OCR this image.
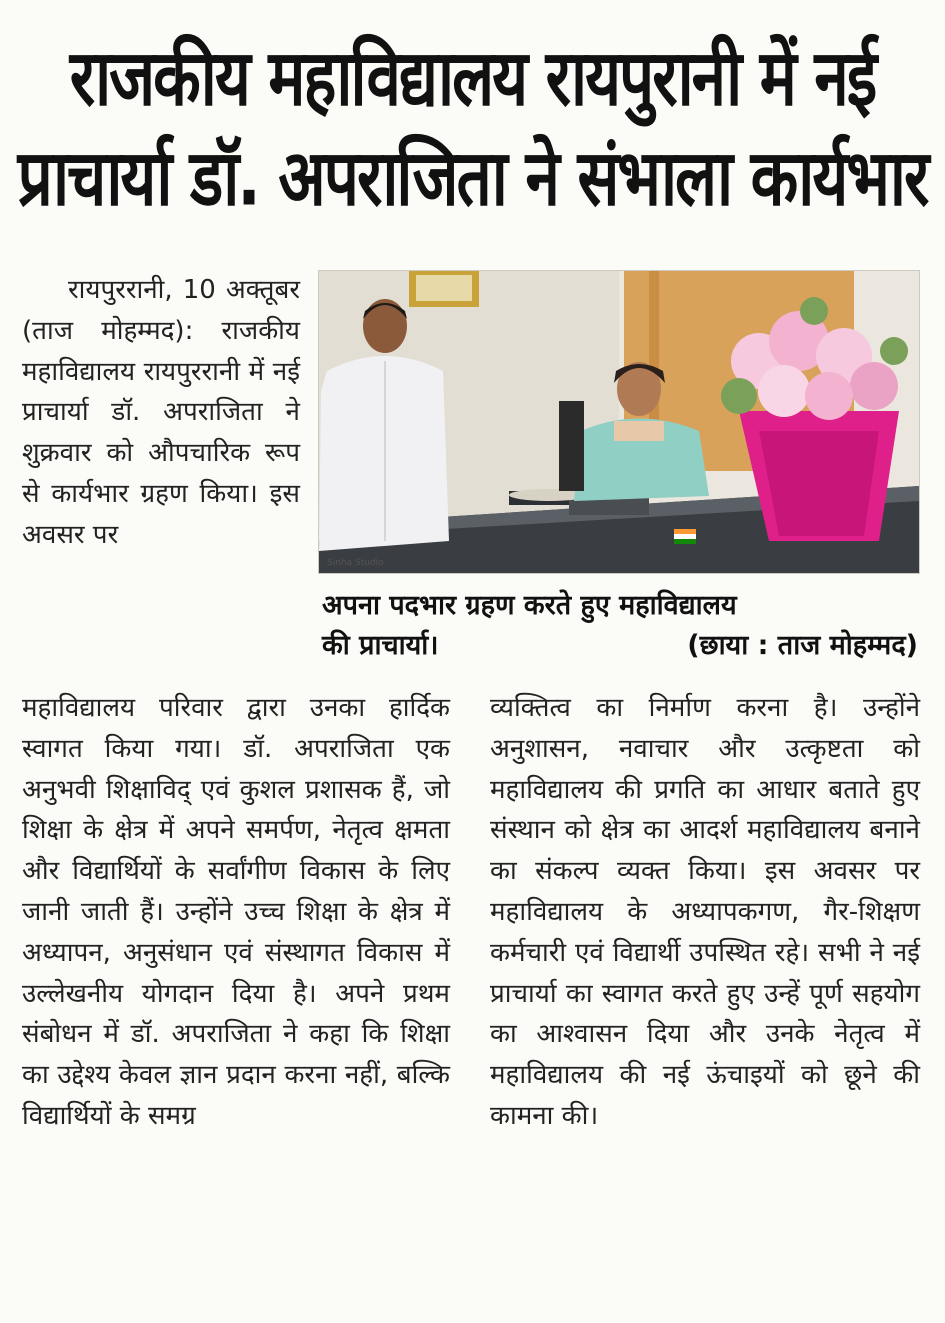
राजकीय महाविद्यालय रायपुरानी में नई
प्राचार्या डॉ. अपराजिता ने संभाला कार्यभार

रायपुररानी, 10 अक्तूबर (ताज मोहम्मद): राजकीय महाविद्यालय रायपुररानी में नई प्राचार्या डॉ. अपराजिता ने शुक्रवार को औपचारिक रूप से कार्यभार ग्रहण किया। इस अवसर पर

Sinha Studio
अपना पदभार ग्रहण करते हुए महाविद्यालय
की प्राचार्या।	(छाया : ताज मोहम्मद)

महाविद्यालय परिवार द्वारा उनका हार्दिक स्वागत किया गया। डॉ. अपराजिता एक अनुभवी शिक्षाविद् एवं कुशल प्रशासक हैं, जो शिक्षा के क्षेत्र में अपने समर्पण, नेतृत्व क्षमता और विद्यार्थियों के सर्वांगीण विकास के लिए जानी जाती हैं। उन्होंने उच्च शिक्षा के क्षेत्र में अध्यापन, अनुसंधान एवं संस्थागत विकास में उल्लेखनीय योगदान दिया है। अपने प्रथम संबोधन में डॉ. अपराजिता ने कहा कि शिक्षा का उद्देश्य केवल ज्ञान प्रदान करना नहीं, बल्कि विद्यार्थियों के समग्र

व्यक्तित्व का निर्माण करना है। उन्होंने अनुशासन, नवाचार और उत्कृष्टता को महाविद्यालय की प्रगति का आधार बताते हुए संस्थान को क्षेत्र का आदर्श महाविद्यालय बनाने का संकल्प व्यक्त किया। इस अवसर पर महाविद्यालय के अध्यापकगण, गैर-शिक्षण कर्मचारी एवं विद्यार्थी उपस्थित रहे। सभी ने नई प्राचार्या का स्वागत करते हुए उन्हें पूर्ण सहयोग का आश्वासन दिया और उनके नेतृत्व में महाविद्यालय की नई ऊंचाइयों को छूने की कामना की।
